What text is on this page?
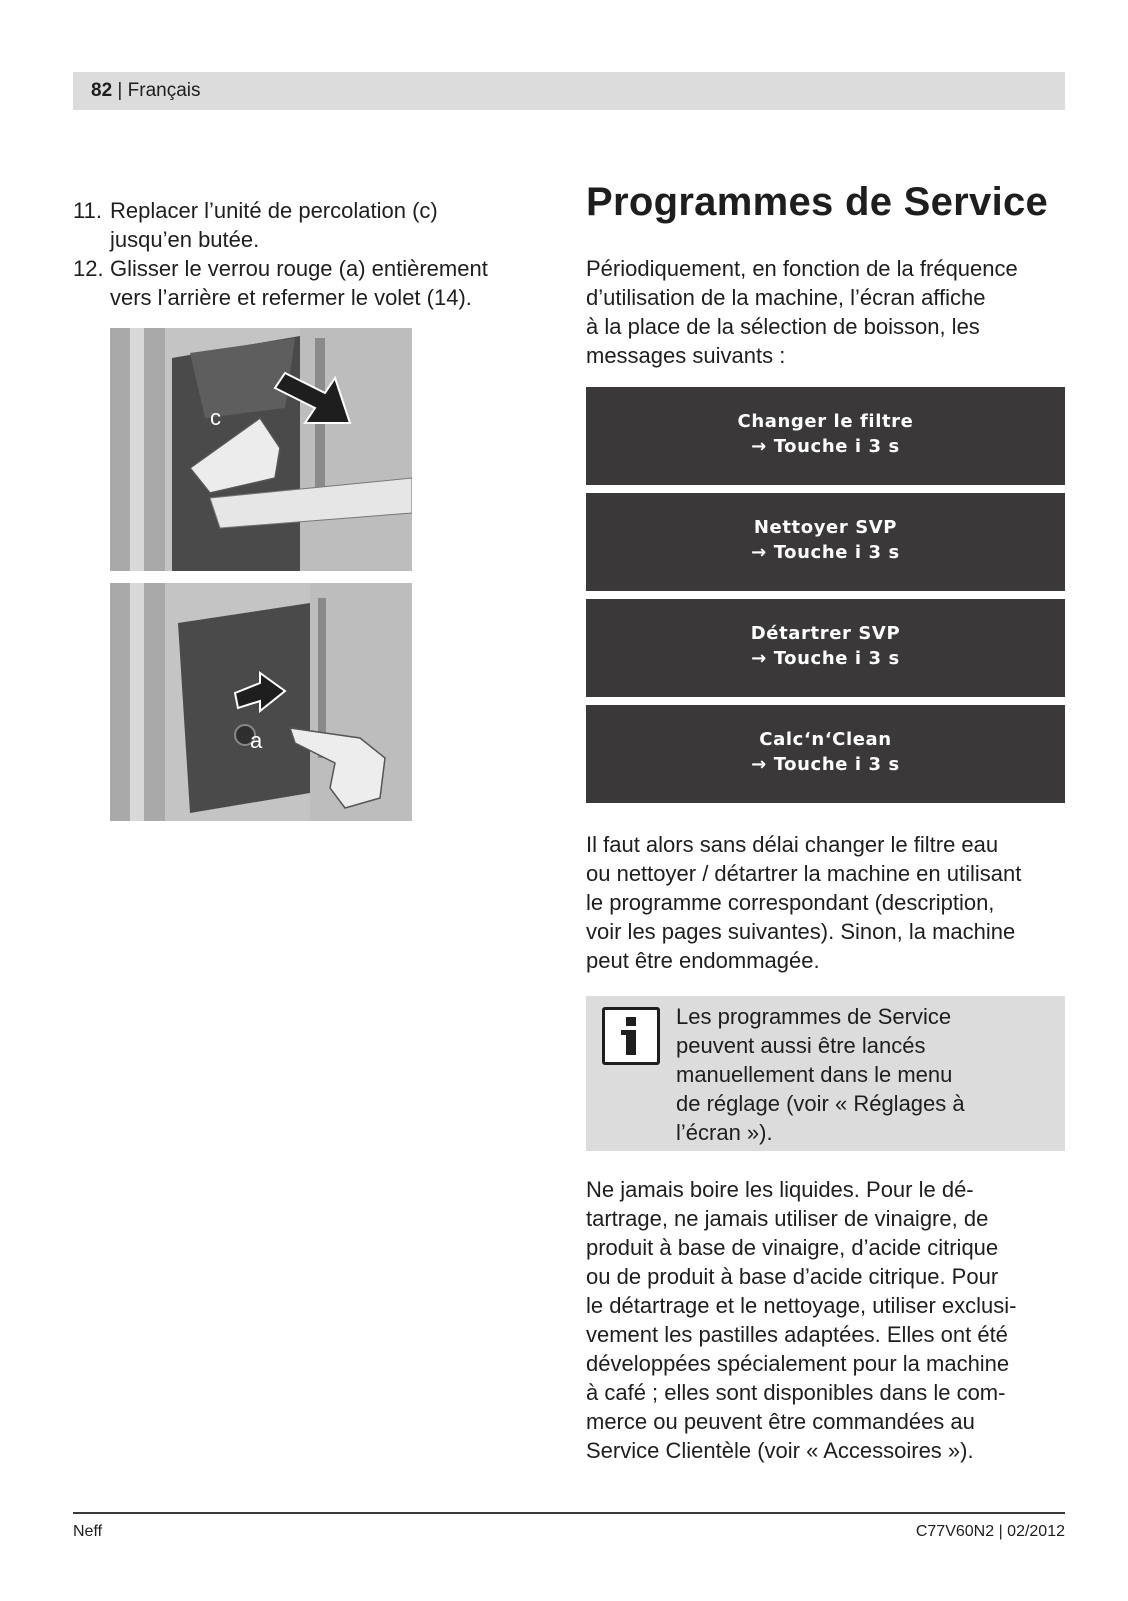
82 | Français
11. Replacer l’unité de percolation (c)
jusqu’en butée.
12. Glisser le verrou rouge (a) entièrement
vers l’arrière et refermer le volet (14).
c
a
Programmes de Service

Périodiquement, en fonction de la fréquence
d’utilisation de la machine, l’écran affiche
à la place de la sélection de boisson, les
messages suivants :

Changer le filtre
→ Touche i 3 s
Nettoyer SVP
→ Touche i 3 s
Détartrer SVP
→ Touche i 3 s
Calc‘n‘Clean
→ Touche i 3 s

Il faut alors sans délai changer le filtre eau
ou nettoyer / détartrer la machine en utilisant
le programme correspondant (description,
voir les pages suivantes). Sinon, la machine
peut être endommagée.

Les programmes de Service
peuvent aussi être lancés
manuellement dans le menu
de réglage (voir « Réglages à
l’écran »).

Ne jamais boire les liquides. Pour le dé-
tartrage, ne jamais utiliser de vinaigre, de
produit à base de vinaigre, d’acide citrique
ou de produit à base d’acide citrique. Pour
le détartrage et le nettoyage, utiliser exclusi-
vement les pastilles adaptées. Elles ont été
développées spécialement pour la machine
à café ; elles sont disponibles dans le com-
merce ou peuvent être commandées au
Service Clientèle (voir « Accessoires »).

Neff	C77V60N2 | 02/2012
